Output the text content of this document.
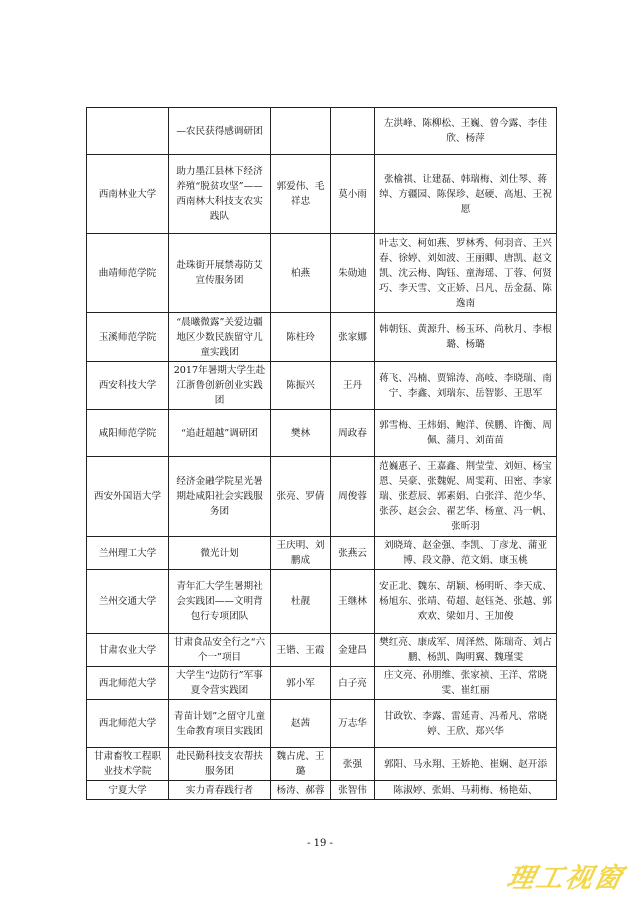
	—农民获得感调研团			左洪峰、陈柳松、王巍、曾今露、李佳欣、杨萍
西南林业大学	助力墨江县林下经济养殖“脱贫攻坚”——西南林大科技支农实践队	郭爱伟、毛祥忠	莫小雨	张榆祺、让建磊、韩瑞梅、刘仕琴、蒋绰、方疆园、陈保珍、赵硬、高旭、王祝愿
曲靖师范学院	赴珠街开展禁毒防艾宣传服务团	柏燕	朱勋迪	叶志文、柯如燕、罗林秀、何羽音、王兴春、徐婷、刘如波、王丽卿、唐凯、赵文凯、沈云梅、陶钰、童海瑶、丁蓉、何贤巧、李天雪、文正娇、吕凡、岳金磊、陈逸南
玉溪师范学院	“晨曦微露”关爱边疆地区少数民族留守儿童实践团	陈柱玲	张家娜	韩朝钰、黄源升、杨玉环、尚秋月、李根璐、杨璐
西安科技大学	2017年暑期大学生赴江浙鲁创新创业实践团	陈振兴	王丹	蒋飞、冯楠、贾锦涛、高岐、李晓瑞、南宁、李鑫、刘瑞东、岳智影、王思军
咸阳师范学院	“追赶超越”调研团	樊林	周政春	郭雪梅、王炜娟、鲍洋、侯鹏、许衡、周佩、蒲月、刘苗苗
西安外国语大学	经济金融学院星光暑期赴咸阳社会实践服务团	张亮、罗倩	周俊蓉	范巍惠子、王嘉鑫、荆莹莹、刘姮、杨宝恩、吴豪、张魏妮、周雯莉、田密、李家瑞、张惹辰、郭素娟、白张洋、范少华、张莎、赵会会、翟艺华、杨童、冯一帆、张昕羽
兰州理工大学	微光计划	王庆明、刘鹏成	张燕云	刘晓琦、赵金强、李凯、丁彦龙、蒲亚博、段文静、范文娟、康玉桃
兰州交通大学	青年汇大学生暑期社会实践团——文明背包行专项团队	杜靓	王继林	安正北、魏东、胡颖、杨明昕、李天成、杨旭东、张靖、荀超、赵钰尧、张越、郭欢欢、梁如月、王加俊
甘肃农业大学	甘肃食品安全行之“六个一”项目	王锴、王霞	金建昌	樊红亮、康成军、周泽然、陈瑞奇、刘占鹏、杨凯、陶明翼、魏瑾雯
西北师范大学	大学生“边防行”军事夏令营实践团	郭小军	白子亮	庄文亮、孙朋维、张家祯、王洋、常晓雯、崔红丽
西北师范大学	青苗计划”之留守儿童生命教育项目实践团	赵茜	万志华	甘政钦、李露、雷延青、冯希凡、常晓婷、王欣、郑兴华
甘肃畜牧工程职业技术学院	赴民勤科技支农帮扶服务团	魏占虎、王璐	张强	郭阳、马永翔、王娇艳、崔娴、赵开添
宁夏大学	实力青春践行者	杨涛、郝蓉	张智伟	陈淑婷、张娟、马莉梅、杨艳茹、
- 19 -
理工视窗
